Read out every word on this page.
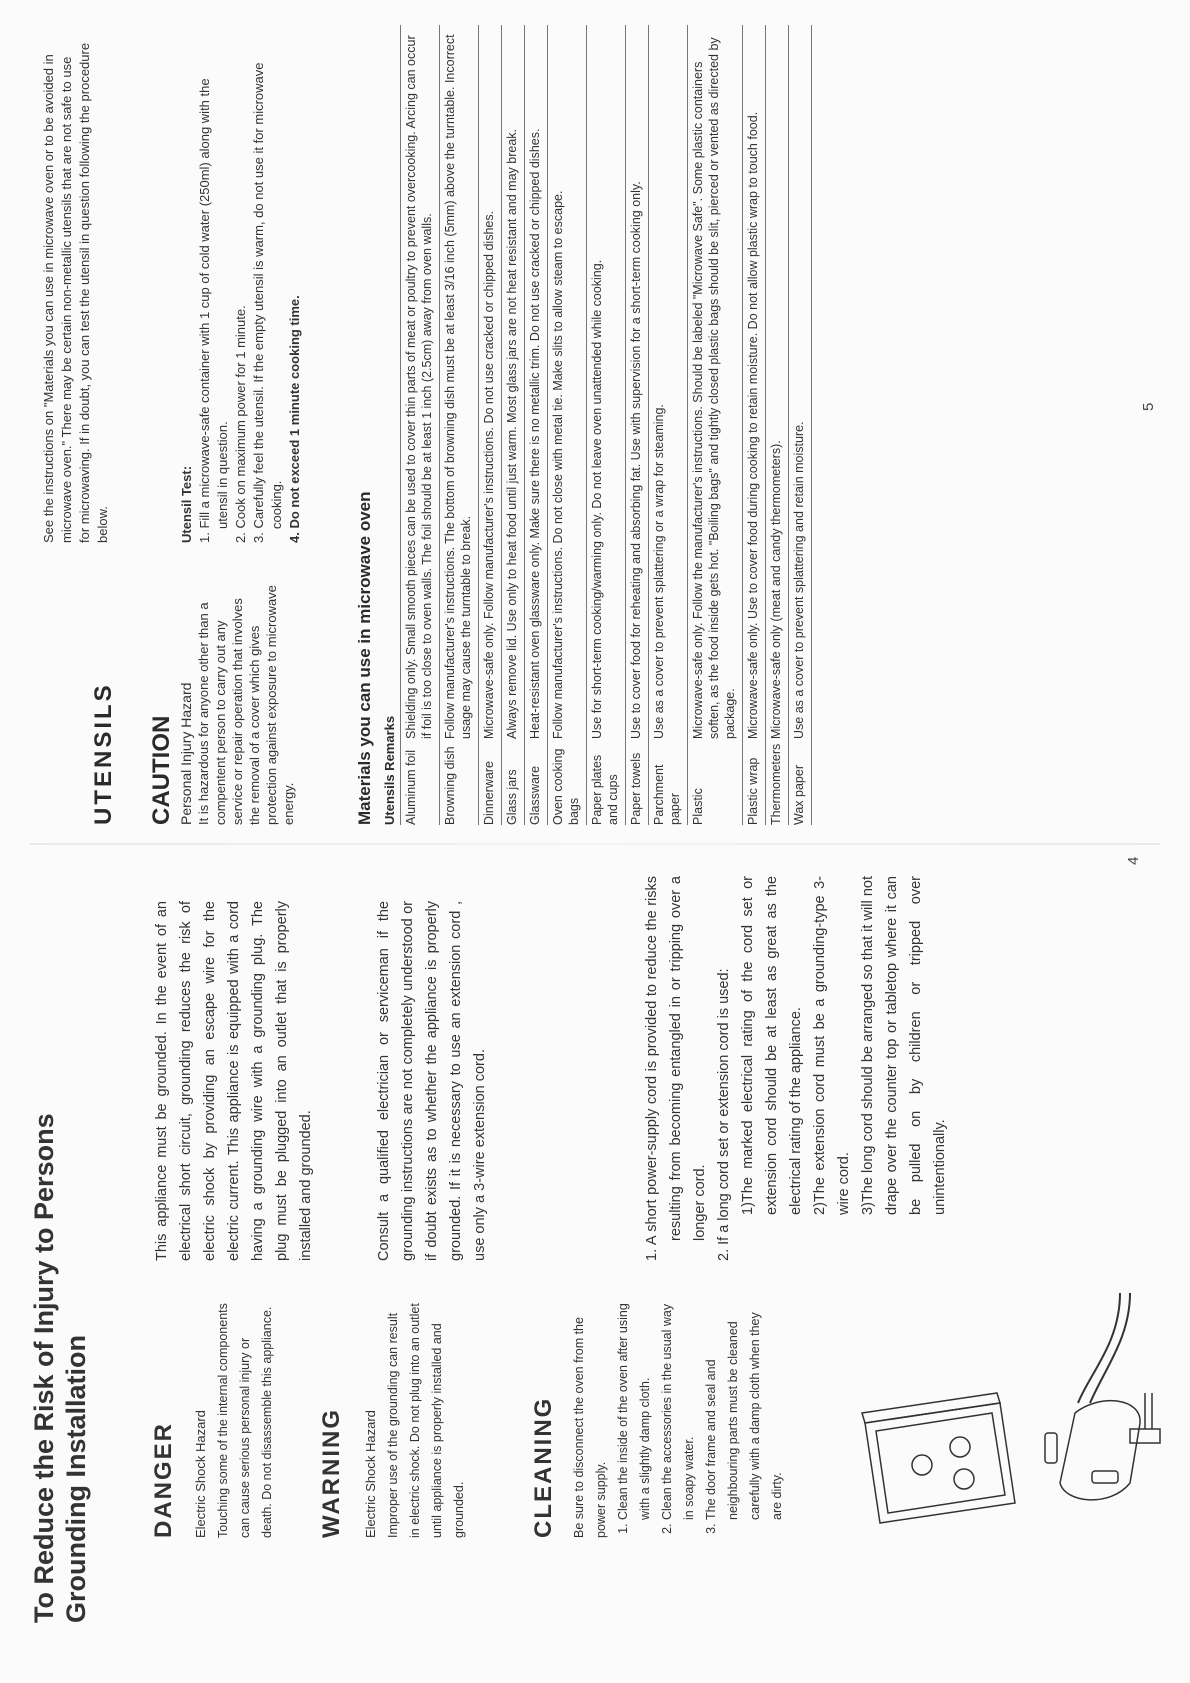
To Reduce the Risk of Injury to Persons Grounding Installation DANGER Electric Shock Hazard Touching some of the internal components can cause serious personal injury or death. Do not disassemble this appliance. WARNING Electric Shock Hazard Improper use of the grounding can result in electric shock. Do not plug into an outlet until appliance is properly installed and grounded.	CLEANING	Be sure to disconnect the oven from the power supply. 1. Clean the inside of the oven after using with a slightly damp cloth. 2. Clean the accessories in the usual way in soapy water. 3. The door frame and seal and neighbouring parts must be cleaned carefully with a damp cloth when they are dirty.
This appliance must be grounded. In the event of an electrical short circuit, grounding reduces the risk of electric shock by providing an escape wire for the electric current. This appliance is equipped with a cord having a grounding wire with a grounding plug. The plug must be plugged into an outlet that is properly installed and grounded.	Consult a qualified electrician or serviceman if the grounding instructions are not completely understood or if doubt exists as to whether the appliance is properly grounded. If it is necessary to use an extension cord , use only a 3-wire extension cord.	1. A short power-supply cord is provided to reduce the risks resulting from becoming entangled in or tripping over a longer cord. 2. If a long cord set or extension cord is used: 1)The marked electrical rating of the cord set or extension cord should be at least as great as the electrical rating of the appliance. 2)The extension cord must be a grounding-type 3-wire cord. 3)The long cord should be arranged so that it will not drape over the counter top or tabletop where it can be pulled on by children or tripped over unintentionally.
4
UTENSILS CAUTION Personal Injury Hazard It is hazardous for anyone other than a compentent person to carry out any service or repair operation that involves the removal of a cover which gives protection against exposure to microwave energy.
See the instructions on "Materials you can use in microwave oven or to be avoided in microwave oven." There may be certain non-metallic utensils that are not safe to use for microwaving. If in doubt, you can test the utensil in question following the procedure below.	Utensil Test: 1. Fill a microwave-safe container with 1 cup of cold water (250ml) along with the utensil in question. 2. Cook on maximum power for 1 minute. 3. Carefully feel the utensil. If the empty utensil is warm, do not use it for microwave cooking. 4. Do not exceed 1 minute cooking time.
Materials you can use in microwave oven Utensils Remarks Aluminum foil	Shielding only. Small smooth pieces can be used to cover thin parts of meat or poultry to prevent overcooking. Arcing can occur if foil is too close to oven walls. The foil should be at least 1 inch (2.5cm) away from oven walls.
Browning dish	Follow manufacturer's instructions. The bottom of browning dish must be at least 3/16 inch (5mm) above the turntable. Incorrect usage may cause the turntable to break.
Dinnerware	Microwave-safe only. Follow manufacturer's instructions. Do not use cracked or chipped dishes.
Glass jars	Always remove lid. Use only to heat food until just warm. Most glass jars are not heat resistant and may break.
Glassware	Heat-resistant oven glassware only. Make sure there is no metallic trim. Do not use cracked or chipped dishes.
Oven cooking bags	Follow manufacturer's instructions. Do not close with metal tie. Make slits to allow steam to escape.
Paper plates and cups	Use for short-term cooking/warming only. Do not leave oven unattended while cooking.
Paper towels	Use to cover food for reheating and absorbing fat. Use with supervision for a short-term cooking only.
Parchment paper	Use as a cover to prevent splattering or a wrap for steaming.
Plastic	Microwave-safe only. Follow the manufacturer's instructions. Should be labeled "Microwave Safe". Some plastic containers soften, as the food inside gets hot. "Boiling bags" and tightly closed plastic bags should be slit, pierced or vented as directed by package.
Plastic wrap	Microwave-safe only. Use to cover food during cooking to retain moisture. Do not allow plastic wrap to touch food.
Thermometers	Microwave-safe only (meat and candy thermometers).
Wax paper	Use as a cover to prevent splattering and retain moisture.
5
